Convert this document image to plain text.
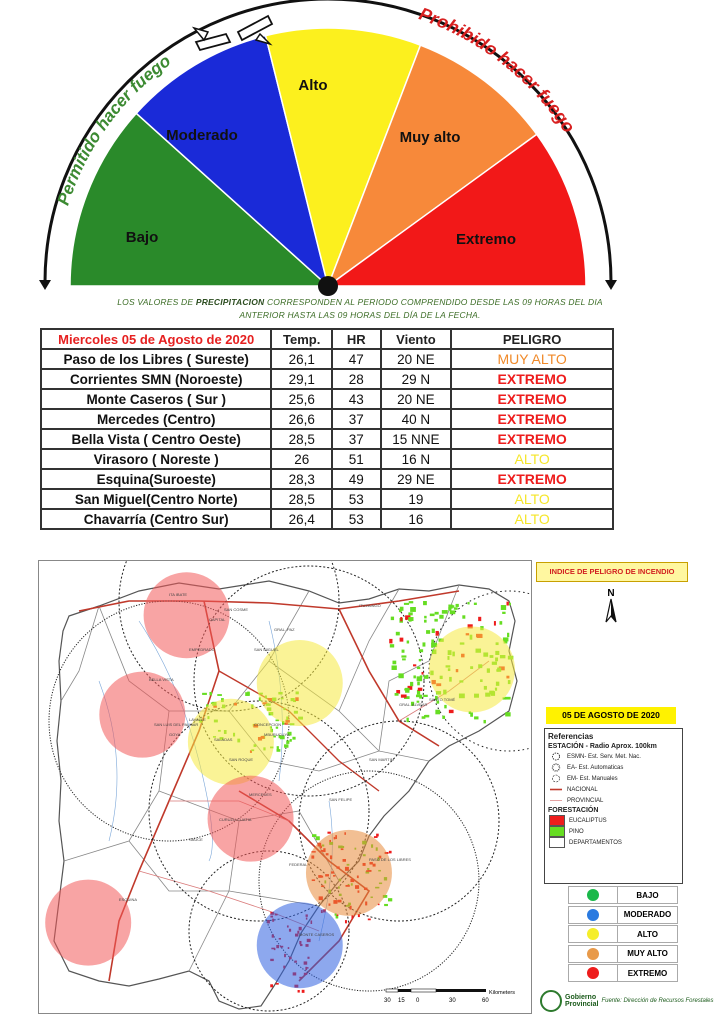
Bajo
Moderado
Alto
Muy alto
Extremo
Permitido hacer fuego
Prohibido hacer fuego
LOS VALORES DE PRECIPITACION CORRESPONDEN AL PERIODO COMPRENDIDO DESDE LAS 09 HORAS DEL DIA
ANTERIOR HASTA LAS 09 HORAS DEL DÍA DE LA FECHA.
Miercoles 05 de Agosto de 2020	Temp.	HR	Viento	PELIGRO
Paso de los Libres ( Sureste)	26,1	47	20 NE	MUY ALTO
Corrientes SMN (Noroeste)	29,1	28	29 N	EXTREMO
Monte Caseros ( Sur )	25,6	43	20 NE	EXTREMO
Mercedes (Centro)	26,6	37	40 N	EXTREMO
Bella Vista ( Centro Oeste)	28,5	37	15 NNE	EXTREMO
Virasoro ( Noreste )	26	51	16 N	ALTO
Esquina(Suroeste)	28,3	49	29 NE	EXTREMO
San Miguel(Centro Norte)	28,5	53	19	ALTO
Chavarría (Centro Sur)	26,4	53	16	ALTO
ITA IBATE
GRAL. PAZ
SAN MIGUEL
ITUZAINGO
SANTO TOMÉ
SAN MARTIN
GRAL. ALVEAR
CONCEPCION
SAN ROQUE
LAVALLE
GOYA
MERCEDES
PASO DE LOS LIBRES
CURUZU CUATIA
SAUCE
ESQUINA
MONTE CASEROS
BELLA VISTA
SALADAS
EMPEDRADO
SAN COSME
CAPITAL
SAN LUIS DEL PALMAR
MBURUCUYA
SAN FELIPE
FEDERAL
30 15 0	30	60
Kilometers
INDICE DE PELIGRO DE INCENDIO
N
05 DE AGOSTO DE 2020
Referencias
ESTACIÓN - Radio Aprox. 100km
ESMN- Est. Serv. Met. Nac.
EA- Est. Automaticas
EM- Est. Manuales
NACIONAL
PROVINCIAL
FORESTACIÓN
EUCALIPTUS
PINO
DEPARTAMENTOS
BAJO
MODERADO
ALTO
MUY ALTO
EXTREMO
Gobierno
Provincial Fuente: Dirección de Recursos Forestales
